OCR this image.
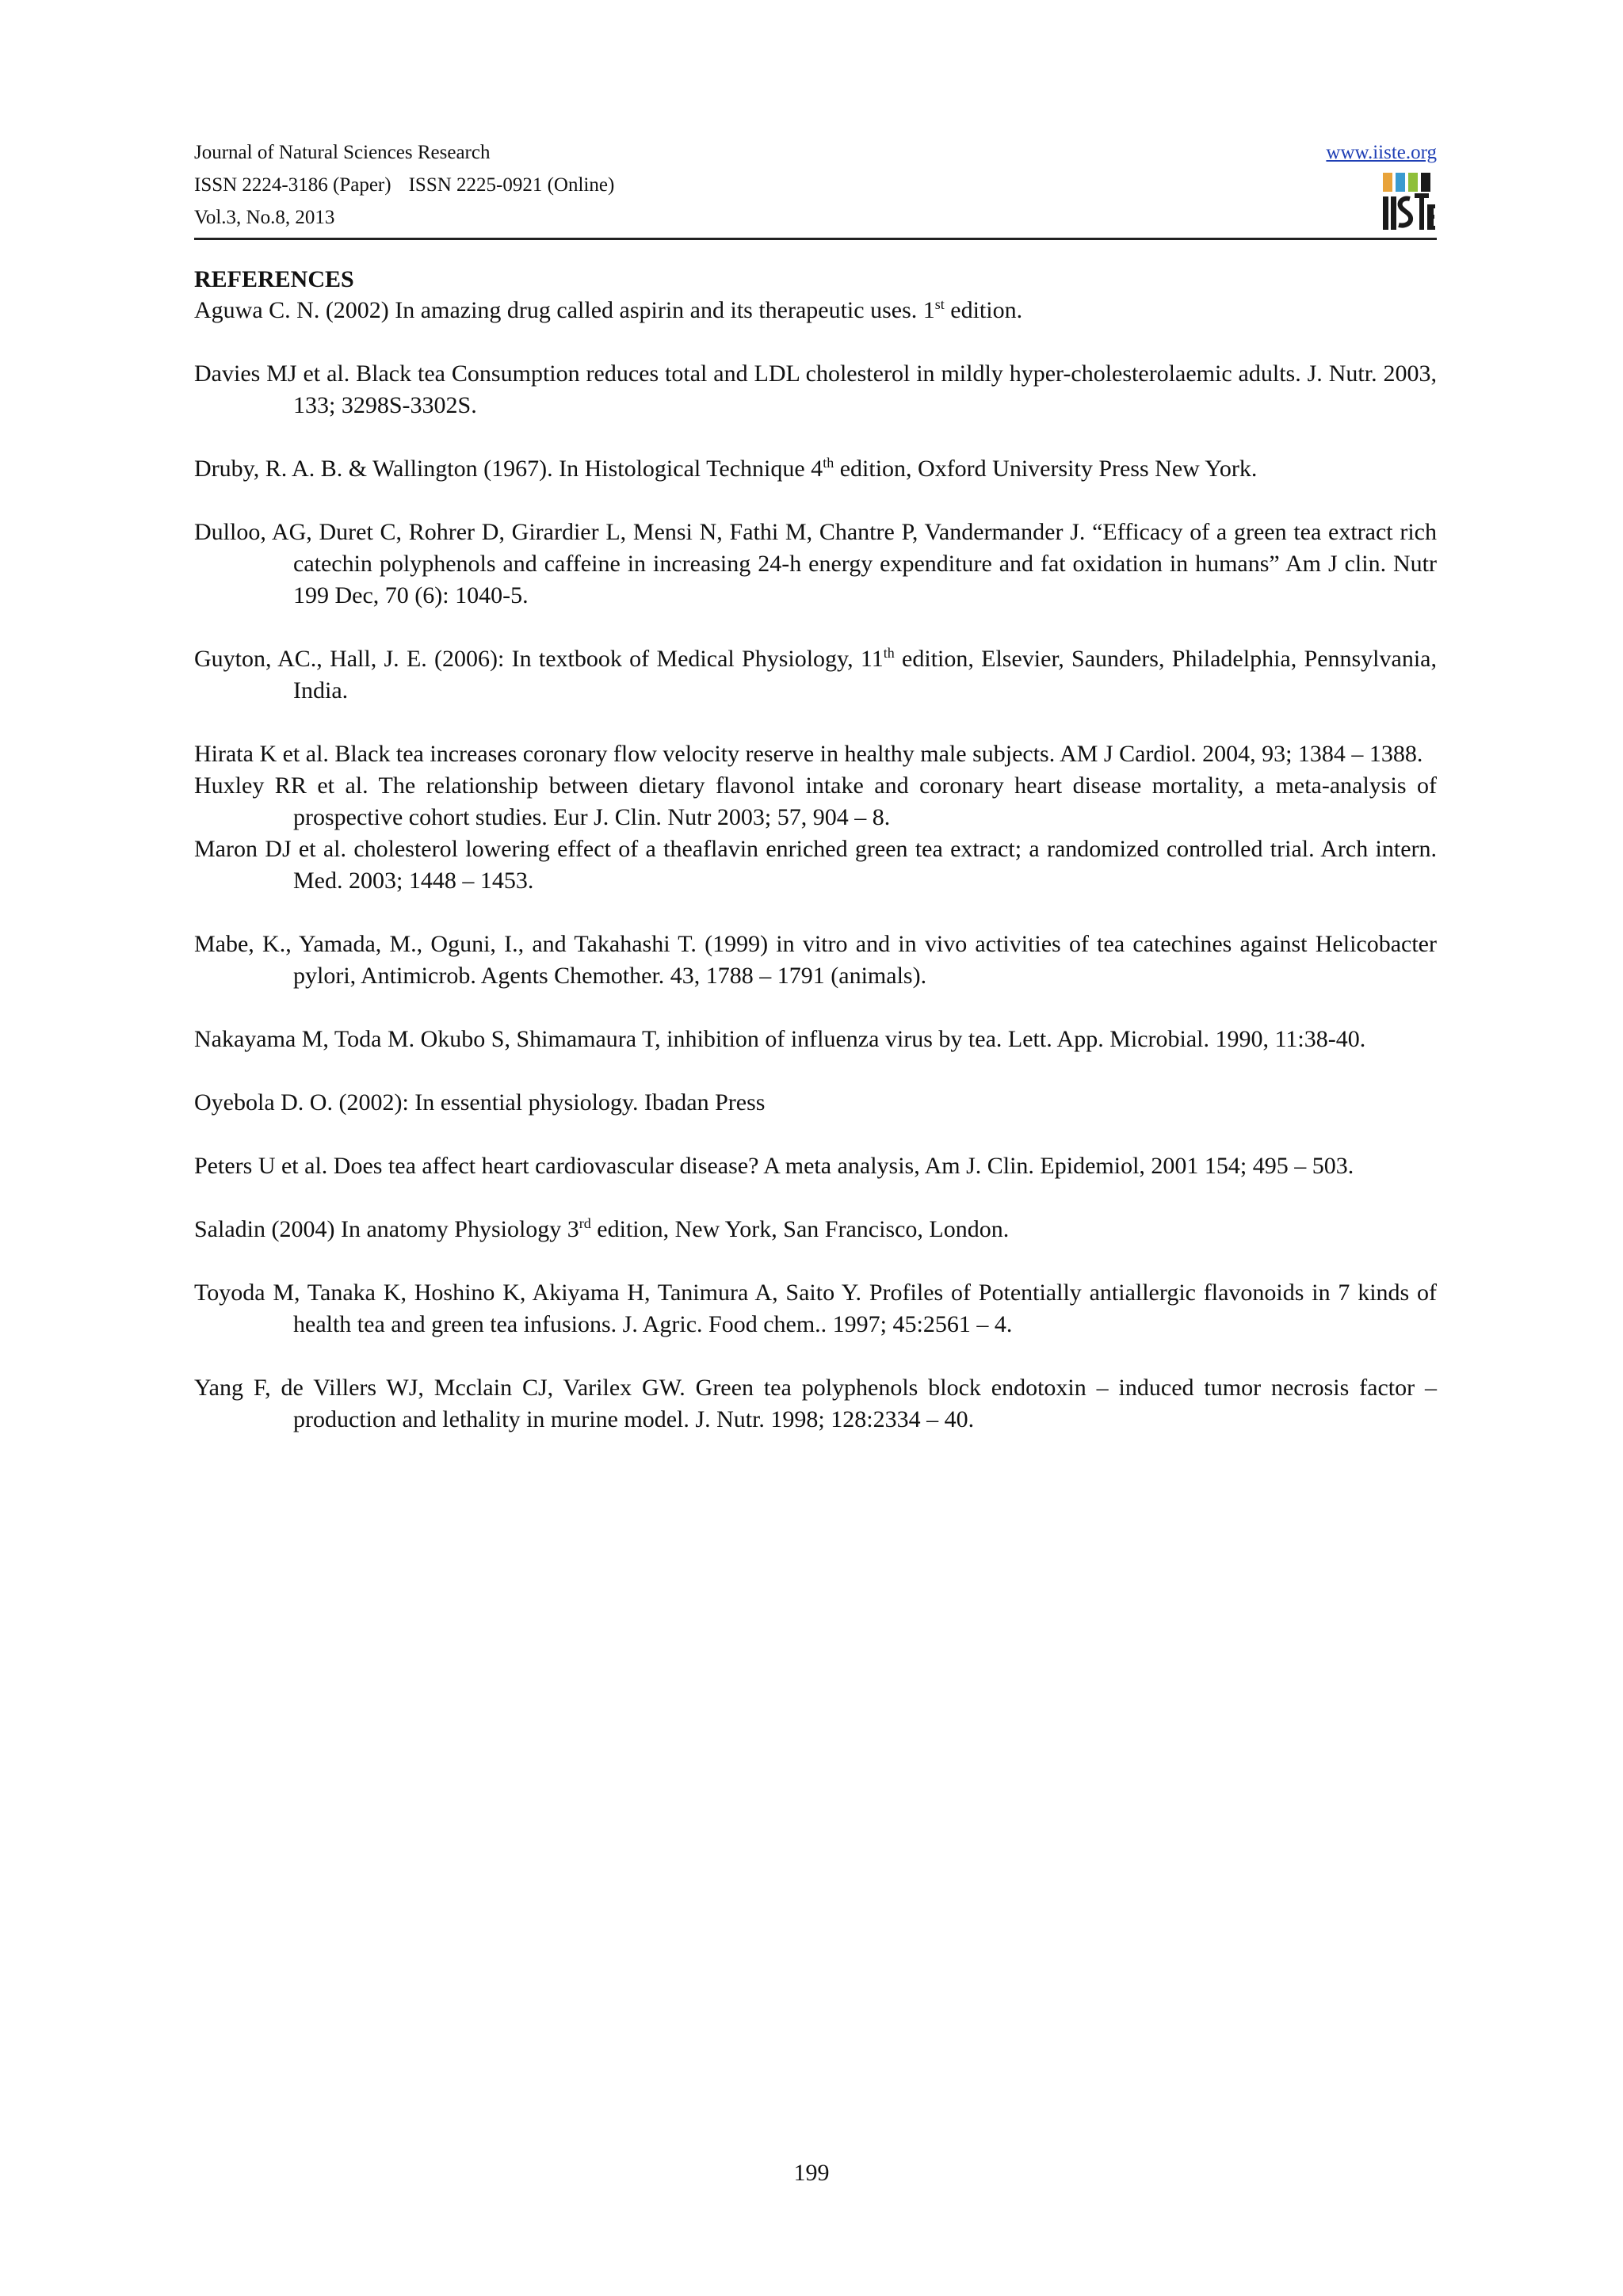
Journal of Natural Sciences Research
ISSN 2224-3186 (Paper) ISSN 2225-0921 (Online)
Vol.3, No.8, 2013
www.iiste.org
REFERENCES

Aguwa C. N. (2002) In amazing drug called aspirin and its therapeutic uses. 1st edition.

Davies MJ et al. Black tea Consumption reduces total and LDL cholesterol in mildly hyper-cholesterolaemic adults. J. Nutr. 2003, 133; 3298S-3302S.

Druby, R. A. B. & Wallington (1967). In Histological Technique 4th edition, Oxford University Press New York.

Dulloo, AG, Duret C, Rohrer D, Girardier L, Mensi N, Fathi M, Chantre P, Vandermander J. “Efficacy of a green tea extract rich catechin polyphenols and caffeine in increasing 24-h energy expenditure and fat oxidation in humans” Am J clin. Nutr 199 Dec, 70 (6): 1040-5.

Guyton, AC., Hall, J. E. (2006): In textbook of Medical Physiology, 11th edition, Elsevier, Saunders, Philadelphia, Pennsylvania, India.

Hirata K et al. Black tea increases coronary flow velocity reserve in healthy male subjects. AM J Cardiol. 2004, 93; 1384 – 1388.

Huxley RR et al. The relationship between dietary flavonol intake and coronary heart disease mortality, a meta-analysis of prospective cohort studies. Eur J. Clin. Nutr 2003; 57, 904 – 8.

Maron DJ et al. cholesterol lowering effect of a theaflavin enriched green tea extract; a randomized controlled trial. Arch intern. Med. 2003; 1448 – 1453.

Mabe, K., Yamada, M., Oguni, I., and Takahashi T. (1999) in vitro and in vivo activities of tea catechines against Helicobacter pylori, Antimicrob. Agents Chemother. 43, 1788 – 1791 (animals).

Nakayama M, Toda M. Okubo S, Shimamaura T, inhibition of influenza virus by tea. Lett. App. Microbial. 1990, 11:38-40.

Oyebola D. O. (2002): In essential physiology. Ibadan Press

Peters U et al. Does tea affect heart cardiovascular disease? A meta analysis, Am J. Clin. Epidemiol, 2001 154; 495 – 503.

Saladin (2004) In anatomy Physiology 3rd edition, New York, San Francisco, London.

Toyoda M, Tanaka K, Hoshino K, Akiyama H, Tanimura A, Saito Y. Profiles of Potentially antiallergic flavonoids in 7 kinds of health tea and green tea infusions. J. Agric. Food chem.. 1997; 45:2561 – 4.

Yang F, de Villers WJ, Mcclain CJ, Varilex GW. Green tea polyphenols block endotoxin – induced tumor necrosis factor – production and lethality in murine model. J. Nutr. 1998; 128:2334 – 40.

199
